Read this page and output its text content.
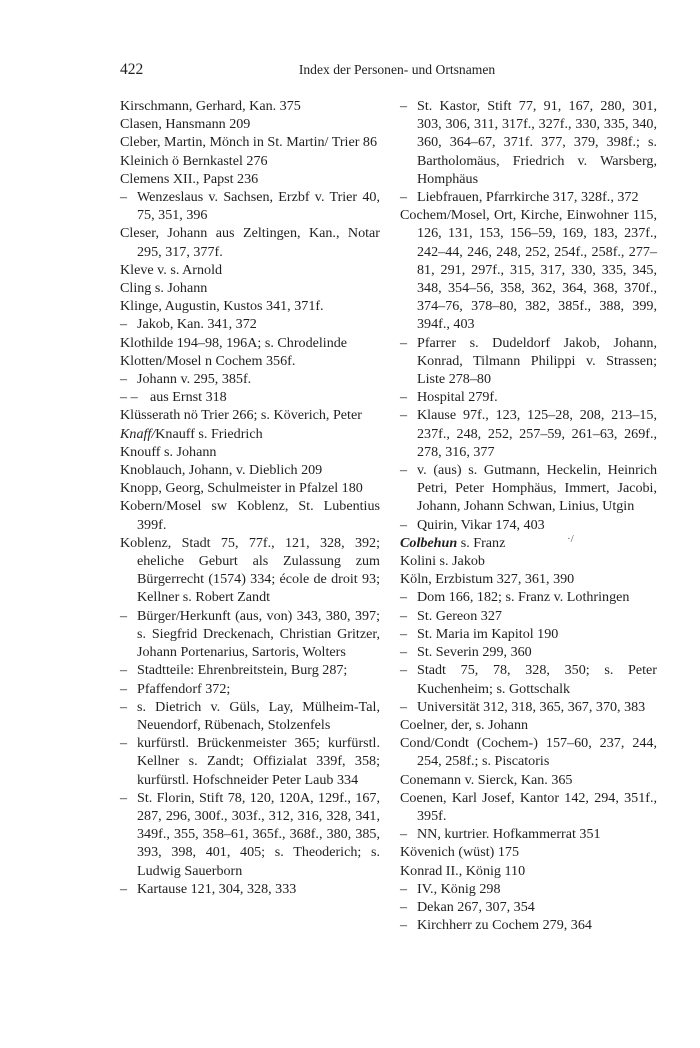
422	Index der Personen- und Ortsnamen

Kirschmann, Gerhard, Kan. 375

Clasen, Hansmann 209

Cleber, Martin, Mönch in St. Martin/ Trier 86

Kleinich ö Bernkastel 276

Clemens XII., Papst 236

– Wenzeslaus v. Sachsen, Erzbf v. Trier 40, 75, 351, 396

Cleser, Johann aus Zeltingen, Kan., Notar 295, 317, 377f.

Kleve v. s. Arnold

Cling s. Johann

Klinge, Augustin, Kustos 341, 371f.

– Jakob, Kan. 341, 372

Klothilde 194–98, 196A; s. Chrodelinde

Klotten/Mosel n Cochem 356f.

– Johann v. 295, 385f.

– – aus Ernst 318

Klüsserath nö Trier 266; s. Köverich, Peter

Knaff/Knauff s. Friedrich

Knouff s. Johann

Knoblauch, Johann, v. Dieblich 209

Knopp, Georg, Schulmeister in Pfalzel 180

Kobern/Mosel sw Koblenz, St. Lubentius 399f.

Koblenz, Stadt 75, 77f., 121, 328, 392; eheliche Geburt als Zulassung zum Bürgerrecht (1574) 334; école de droit 93; Kellner s. Robert Zandt

– Bürger/Herkunft (aus, von) 343, 380, 397; s. Siegfrid Dreckenach, Christian Gritzer, Johann Portenarius, Sartoris, Wolters

– Stadtteile: Ehrenbreitstein, Burg 287;

– Pfaffendorf 372;

– s. Dietrich v. Güls, Lay, Mülheim-Tal, Neuendorf, Rübenach, Stolzenfels

– kurfürstl. Brückenmeister 365; kurfürstl. Kellner s. Zandt; Offizialat 339f, 358; kurfürstl. Hofschneider Peter Laub 334

– St. Florin, Stift 78, 120, 120A, 129f., 167, 287, 296, 300f., 303f., 312, 316, 328, 341, 349f., 355, 358–61, 365f., 368f., 380, 385, 393, 398, 401, 405; s. Theoderich; s. Ludwig Sauerborn

– Kartause 121, 304, 328, 333

– St. Kastor, Stift 77, 91, 167, 280, 301, 303, 306, 311, 317f., 327f., 330, 335, 340, 360, 364–67, 371f. 377, 379, 398f.; s. Bartholomäus, Friedrich v. Warsberg, Homphäus

– Liebfrauen, Pfarrkirche 317, 328f., 372

Cochem/Mosel, Ort, Kirche, Einwohner 115, 126, 131, 153, 156–59, 169, 183, 237f., 242–44, 246, 248, 252, 254f., 258f., 277–81, 291, 297f., 315, 317, 330, 335, 345, 348, 354–56, 358, 362, 364, 368, 370f., 374–76, 378–80, 382, 385f., 388, 399, 394f., 403

– Pfarrer s. Dudeldorf Jakob, Johann, Konrad, Tilmann Philippi v. Strassen; Liste 278–80

– Hospital 279f.

– Klause 97f., 123, 125–28, 208, 213–15, 237f., 248, 252, 257–59, 261–63, 269f., 278, 316, 377

– v. (aus) s. Gutmann, Heckelin, Heinrich Petri, Peter Homphäus, Immert, Jacobi, Johann, Johann Schwan, Linius, Utgin

– Quirin, Vikar 174, 403

Colbehun s. Franz

Kolini s. Jakob

Köln, Erzbistum 327, 361, 390

– Dom 166, 182; s. Franz v. Lothringen

– St. Gereon 327

– St. Maria im Kapitol 190

– St. Severin 299, 360

– Stadt 75, 78, 328, 350; s. Peter Kuchenheim; s. Gottschalk

– Universität 312, 318, 365, 367, 370, 383

Coelner, der, s. Johann

Cond/Condt (Cochem-) 157–60, 237, 244, 254, 258f.; s. Piscatoris

Conemann v. Sierck, Kan. 365

Coenen, Karl Josef, Kantor 142, 294, 351f., 395f.

– NN, kurtrier. Hofkammerrat 351

Kövenich (wüst) 175

Konrad II., König 110

– IV., König 298

– Dekan 267, 307, 354

– Kirchherr zu Cochem 279, 364

·/
